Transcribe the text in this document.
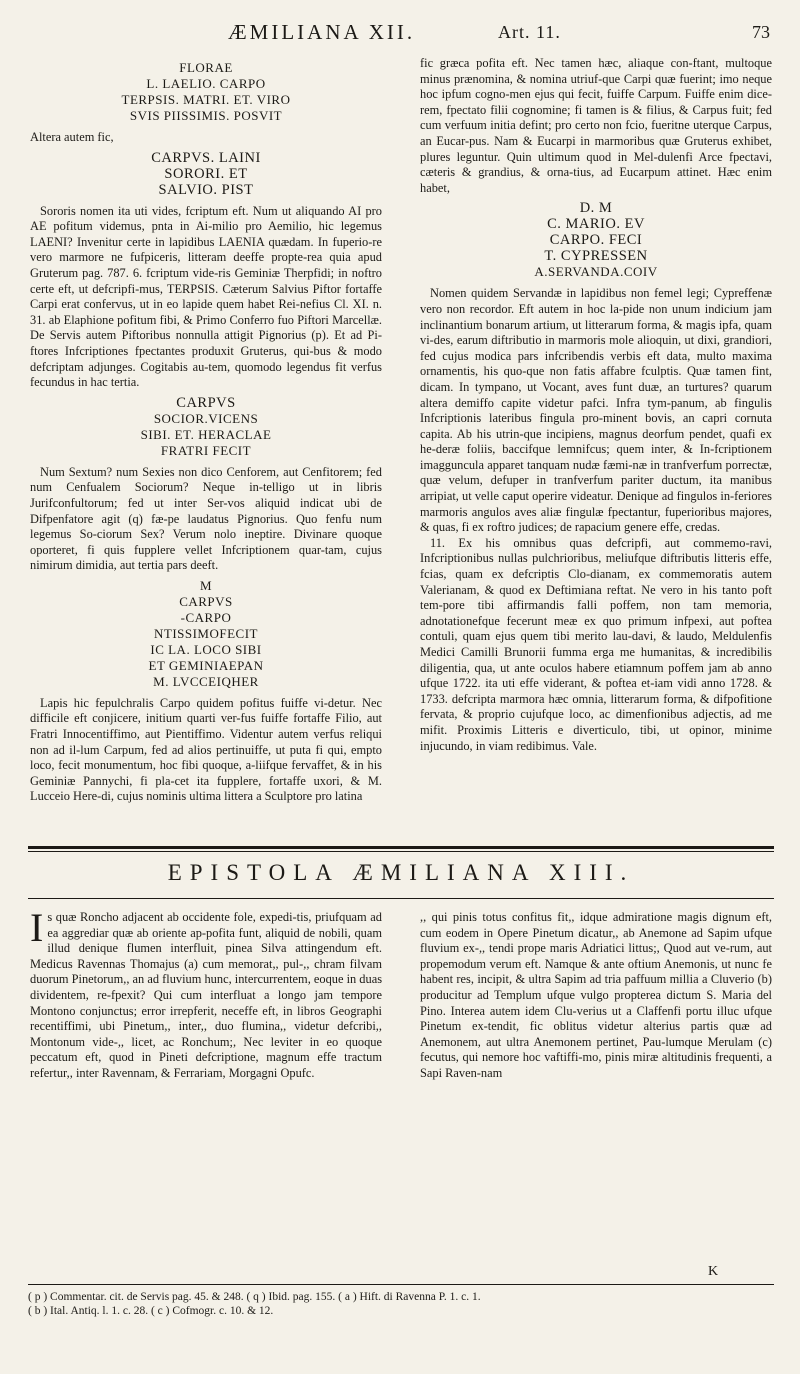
ÆMILIANA XII.	Art. 11.	73
FLORAE
L. LAELIO. CARPO
TERPSIS. MATRI. ET. VIRO
SVIS PIISSIMIS. POSVIT

Altera autem fic,

CARPVS. LAINI
SORORI. ET
SALVIO. PIST

Sororis nomen ita uti vides, fcriptum eft. Num ut aliquando AI pro AE pofitum videmus, pnta in Ai-milio pro Aemilio, hic legemus LAENI? Invenitur certe in lapidibus LAENIA quædam. In fuperio-re vero marmore ne fufpiceris, litteram deeffe propte-rea quia apud Gruterum pag. 787. 6. fcriptum vide-ris Geminiæ Therpfidi; in noftro certe eft, ut defcripfi-mus, TERPSIS. Cæterum Salvius Piftor fortaffe Carpi erat confervus, ut in eo lapide quem habet Rei-nefius Cl. XI. n. 31. ab Elaphione pofitum fibi, & Primo Conferro fuo Piftori Marcellæ. De Servis autem Piftoribus nonnulla attigit Pignorius (p). Et ad Pi-ftores Infcriptiones fpectantes produxit Gruterus, qui-bus & modo defcriptam adjunges. Cogitabis au-tem, quomodo legendus fit verfus fecundus in hac tertia.

CARPVS
SOCIOR.VICENS
SIBI. ET. HERACLAE
FRATRI FECIT

Num Sextum? num Sexies non dico Cenforem, aut Cenfitorem; fed num Cenfualem Sociorum? Neque in-telligo ut in libris Jurifconfultorum; fed ut inter Ser-vos aliquid indicat ubi de Difpenfatore agit (q) fæ-pe laudatus Pignorius. Quo fenfu num legemus So-ciorum Sex? Verum nolo ineptire. Divinare quoque oporteret, fi quis fupplere vellet Infcriptionem quar-tam, cujus nimirum dimidia, aut tertia pars deeft.

M
CARPVS
-CARPO
NTISSIMOFECIT
IC LA. LOCO SIBI
ET GEMINIAEPAN
M. LVCCEIQHER

Lapis hic fepulchralis Carpo quidem pofitus fuiffe vi-detur. Nec difficile eft conjicere, initium quarti ver-fus fuiffe fortaffe Filio, aut Fratri Innocentiffimo, aut Pientiffimo. Videntur autem verfus reliqui non ad il-lum Carpum, fed ad alios pertinuiffe, ut puta fi qui, empto loco, fecit monumentum, hoc fibi quoque, a-liifque fervaffet, & in his Geminiæ Pannychi, fi pla-cet ita fupplere, fortaffe uxori, & M. Lucceio Here-di, cujus nominis ultima littera a Sculptore pro latina

fic græca pofita eft. Nec tamen hæc, aliaque con-ftant, multoque minus prænomina, & nomina utriuf-que Carpi quæ fuerint; imo neque hoc ipfum cogno-men ejus qui fecit, fuiffe Carpum. Fuiffe enim dice-rem, fpectato filii cognomine; fi tamen is & filius, & Carpus fuit; fed cum verfuum initia defint; pro certo non fcio, fueritne uterque Carpus, an Eucar-pus. Nam & Eucarpi in marmoribus quæ Gruterus exhibet, plures leguntur. Quin ultimum quod in Mel-dulenfi Arce fpectavi, cæteris & grandius, & orna-tius, ad Eucarpum attinet. Hæc enim habet,

D. M
C. MARIO. EV
CARPO. FECI
T. CYPRESSEN
A.SERVANDA.COIV

Nomen quidem Servandæ in lapidibus non femel legi; Cypreffenæ vero non recordor. Eft autem in hoc la-pide non unum indicium jam inclinantium bonarum artium, ut litterarum forma, & magis ipfa, quam vi-des, earum diftributio in marmoris mole alioquin, ut dixi, grandiori, fed cujus modica pars infcribendis verbis eft data, multo maxima ornamentis, his quo-que non fatis affabre fculptis. Quæ tamen fint, dicam. In tympano, ut Vocant, aves funt duæ, an turtures? quarum altera demiffo capite videtur pafci. Infra tym-panum, ab fingulis Infcriptionis lateribus fingula pro-minent bovis, an capri cornuta capita. Ab his utrin-que incipiens, magnus deorfum pendet, quafi ex he-deræ foliis, baccifque lemnifcus; quem inter, & In-fcriptionem imagguncula apparet tanquam nudæ fæmi-næ in tranfverfum porrectæ, quæ velum, defuper in tranfverfum pariter ductum, ita manibus arripiat, ut velle caput operire videatur. Denique ad fingulos in-feriores marmoris angulos aves aliæ fingulæ fpectantur, fuperioribus majores, & quas, fi ex roftro judices; de rapacium genere effe, credas.

11. Ex his omnibus quas defcripfi, aut commemo-ravi, Infcriptionibus nullas pulchrioribus, meliufque diftributis litteris effe, fcias, quam ex defcriptis Clo-dianam, ex commemoratis autem Valerianam, & quod ex Deftimiana reftat. Ne vero in his tanto poft tem-pore tibi affirmandis falli poffem, non tam memoria, adnotationefque fecerunt meæ ex quo primum infpexi, aut poftea contuli, quam ejus quem tibi merito lau-davi, & laudo, Meldulenfis Medici Camilli Brunorii fumma erga me humanitas, & incredibilis diligentia, qua, ut ante oculos habere etiamnum poffem jam ab anno ufque 1722. ita uti effe viderant, & poftea et-iam vidi anno 1728. & 1733. defcripta marmora hæc omnia, litterarum forma, & difpofitione fervata, & proprio cujufque loco, ac dimenfionibus adjectis, ad me mifit. Proximis Litteris e diverticulo, tibi, ut opinor, minime injucundo, in viam redibimus. Vale.

EPISTOLA ÆMILIANA XIII.

Is quæ Roncho adjacent ab occidente fole, expedi-tis, priufquam ad ea aggrediar quæ ab oriente ap-pofita funt, aliquid de nobili, quam illud denique flumen interfluit, pinea Silva attingendum eft. Medicus Ravennas Thomajus (a) cum memorat,, pul-,, chram filvam duorum Pinetorum,, an ad fluvium hunc, intercurrentem, eoque in duas dividentem, re-fpexit? Qui cum interfluat a longo jam tempore Montono conjunctus; error irrepferit, neceffe eft, in libros Geographi recentiffimi, ubi Pinetum,, inter,, duo flumina,, videtur defcribi,, Montonum vide-,, licet, ac Ronchum;, Nec leviter in eo quoque peccatum eft, quod in Pineti defcriptione, magnum effe tractum refertur,, inter Ravennam, & Ferrariam, Morgagni Opufc.

,, qui pinis totus confitus fit,, idque admiratione magis dignum eft, cum eodem in Opere Pinetum dicatur,, ab Anemone ad Sapim ufque fluvium ex-,, tendi prope maris Adriatici littus;, Quod aut ve-rum, aut propemodum verum eft. Namque & ante oftium Anemonis, ut nunc fe habent res, incipit, & ultra Sapim ad tria paffuum millia a Cluverio (b) producitur ad Templum ufque vulgo propterea dictum S. Maria del Pino. Interea autem idem Clu-verius ut a Claffenfi portu illuc ufque Pinetum ex-tendit, fic oblitus videtur alterius partis quæ ad Anemonem, aut ultra Anemonem pertinet, Pau-lumque Merulam (c) fecutus, qui nemore hoc vaftiffi-mo, pinis miræ altitudinis frequenti, a Sapi Raven-nam

K
( p ) Commentar. cit. de Servis pag. 45. & 248. ( q ) Ibid. pag. 155. ( a ) Hift. di Ravenna P. 1. c. 1.
( b ) Ital. Antiq. l. 1. c. 28. ( c ) Cofmogr. c. 10. & 12.
